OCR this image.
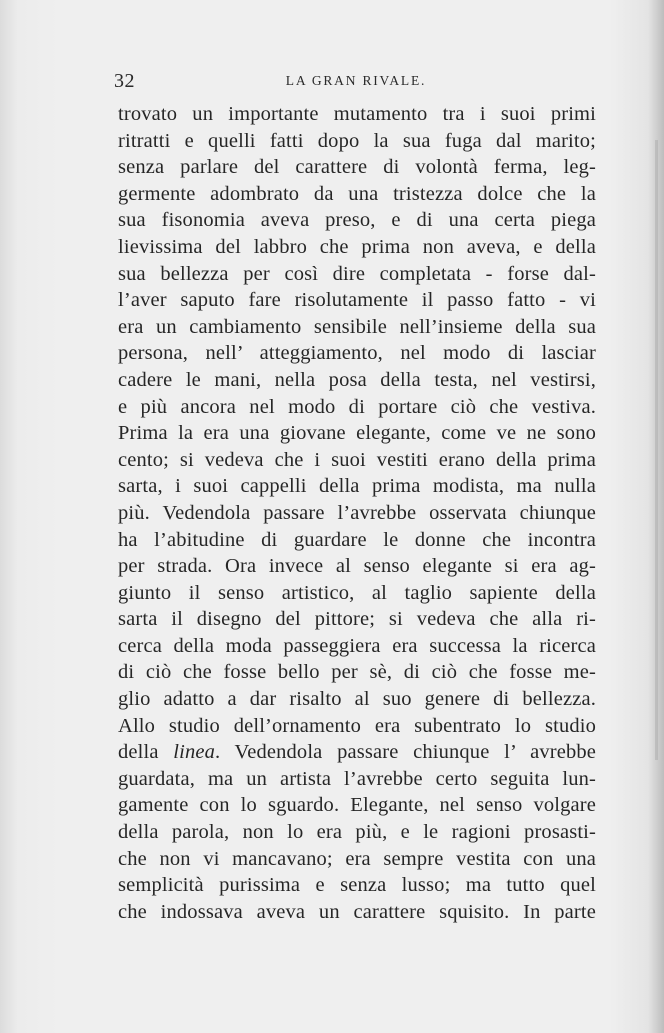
32	LA GRAN RIVALE.
trovato un importante mutamento tra i suoi primi
ritratti e quelli fatti dopo la sua fuga dal marito;
senza parlare del carattere di volontà ferma, leg-
germente adombrato da una tristezza dolce che la
sua fisonomia aveva preso, e di una certa piega
lievissima del labbro che prima non aveva, e della
sua bellezza per così dire completata - forse dal-
l’aver saputo fare risolutamente il passo fatto - vi
era un cambiamento sensibile nell’insieme della sua
persona, nell’ atteggiamento, nel modo di lasciar
cadere le mani, nella posa della testa, nel vestirsi,
e più ancora nel modo di portare ciò che vestiva.
Prima la era una giovane elegante, come ve ne sono
cento; si vedeva che i suoi vestiti erano della prima
sarta, i suoi cappelli della prima modista, ma nulla
più. Vedendola passare l’avrebbe osservata chiunque
ha l’abitudine di guardare le donne che incontra
per strada. Ora invece al senso elegante si era ag-
giunto il senso artistico, al taglio sapiente della
sarta il disegno del pittore; si vedeva che alla ri-
cerca della moda passeggiera era successa la ricerca
di ciò che fosse bello per sè, di ciò che fosse me-
glio adatto a dar risalto al suo genere di bellezza.
Allo studio dell’ornamento era subentrato lo studio
della linea. Vedendola passare chiunque l’ avrebbe
guardata, ma un artista l’avrebbe certo seguita lun-
gamente con lo sguardo. Elegante, nel senso volgare
della parola, non lo era più, e le ragioni prosasti-
che non vi mancavano; era sempre vestita con una
semplicità purissima e senza lusso; ma tutto quel
che indossava aveva un carattere squisito. In parte
